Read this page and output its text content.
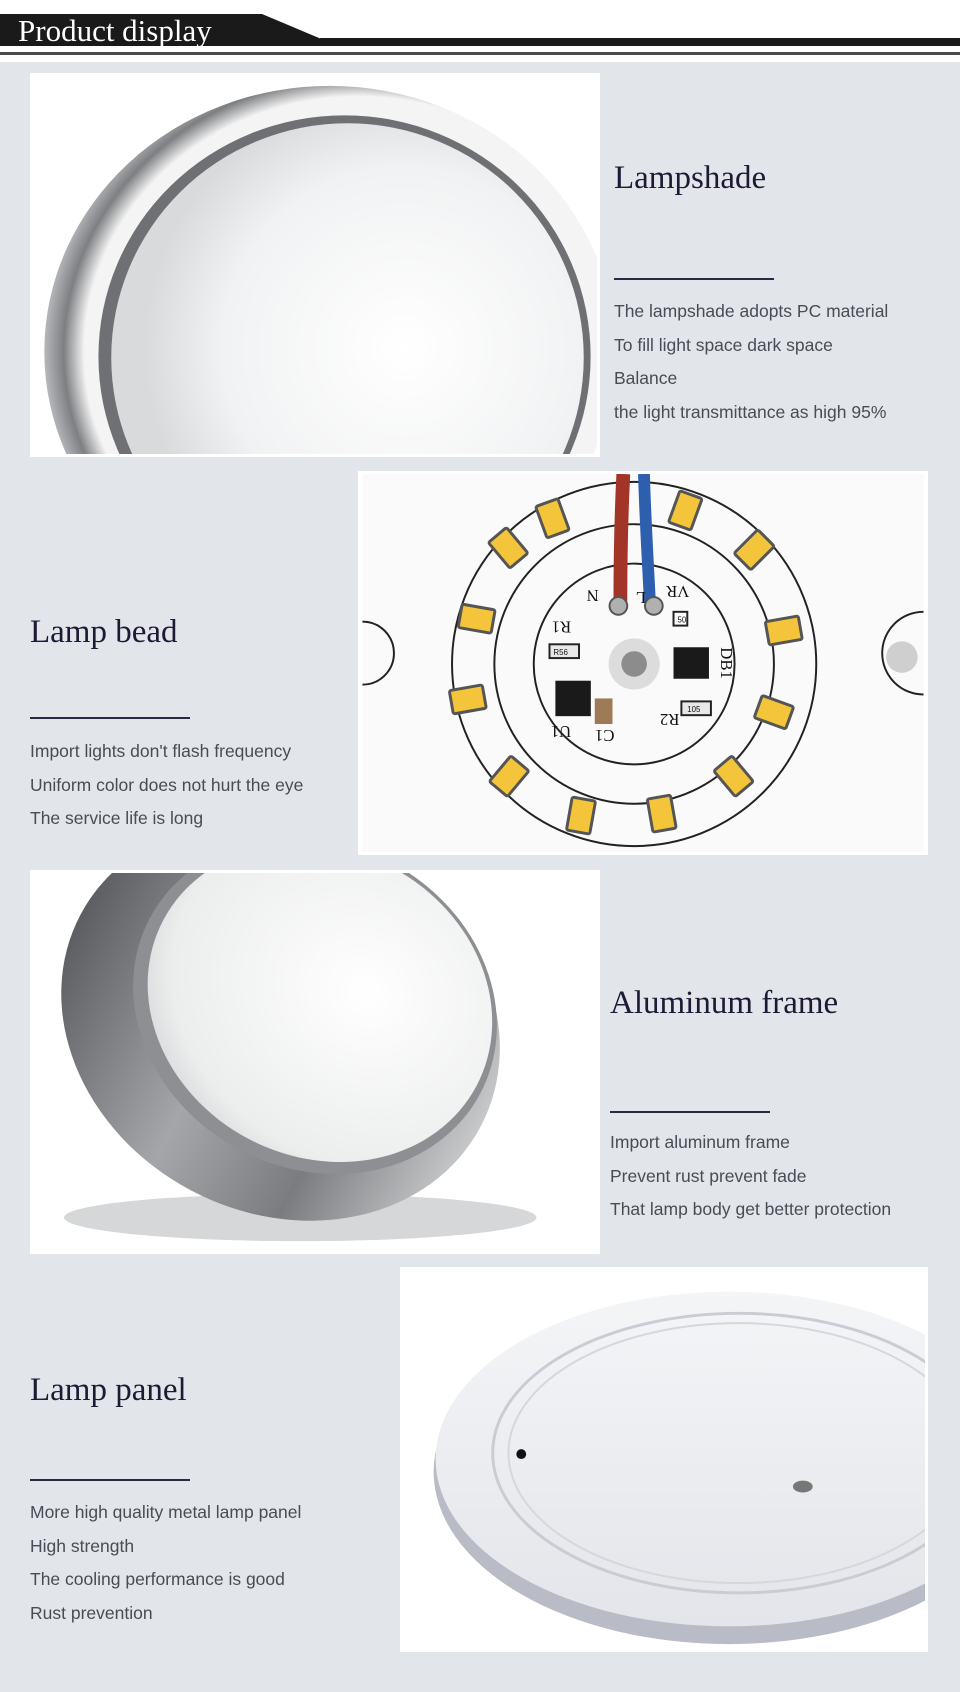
Product display
Lampshade
The lampshade adopts PC material
To fill light space dark space
Balance
the light transmittance as high 95%
N L VR
R1
DB1
U1 C1
R2
R56
105
50
Lamp bead
Import lights don't flash frequency
Uniform color does not hurt the eye
The service life is long
Aluminum frame
Import aluminum frame
Prevent rust prevent fade
That lamp body get better protection
Lamp panel
More high quality metal lamp panel
High strength
The cooling performance is good
Rust prevention
